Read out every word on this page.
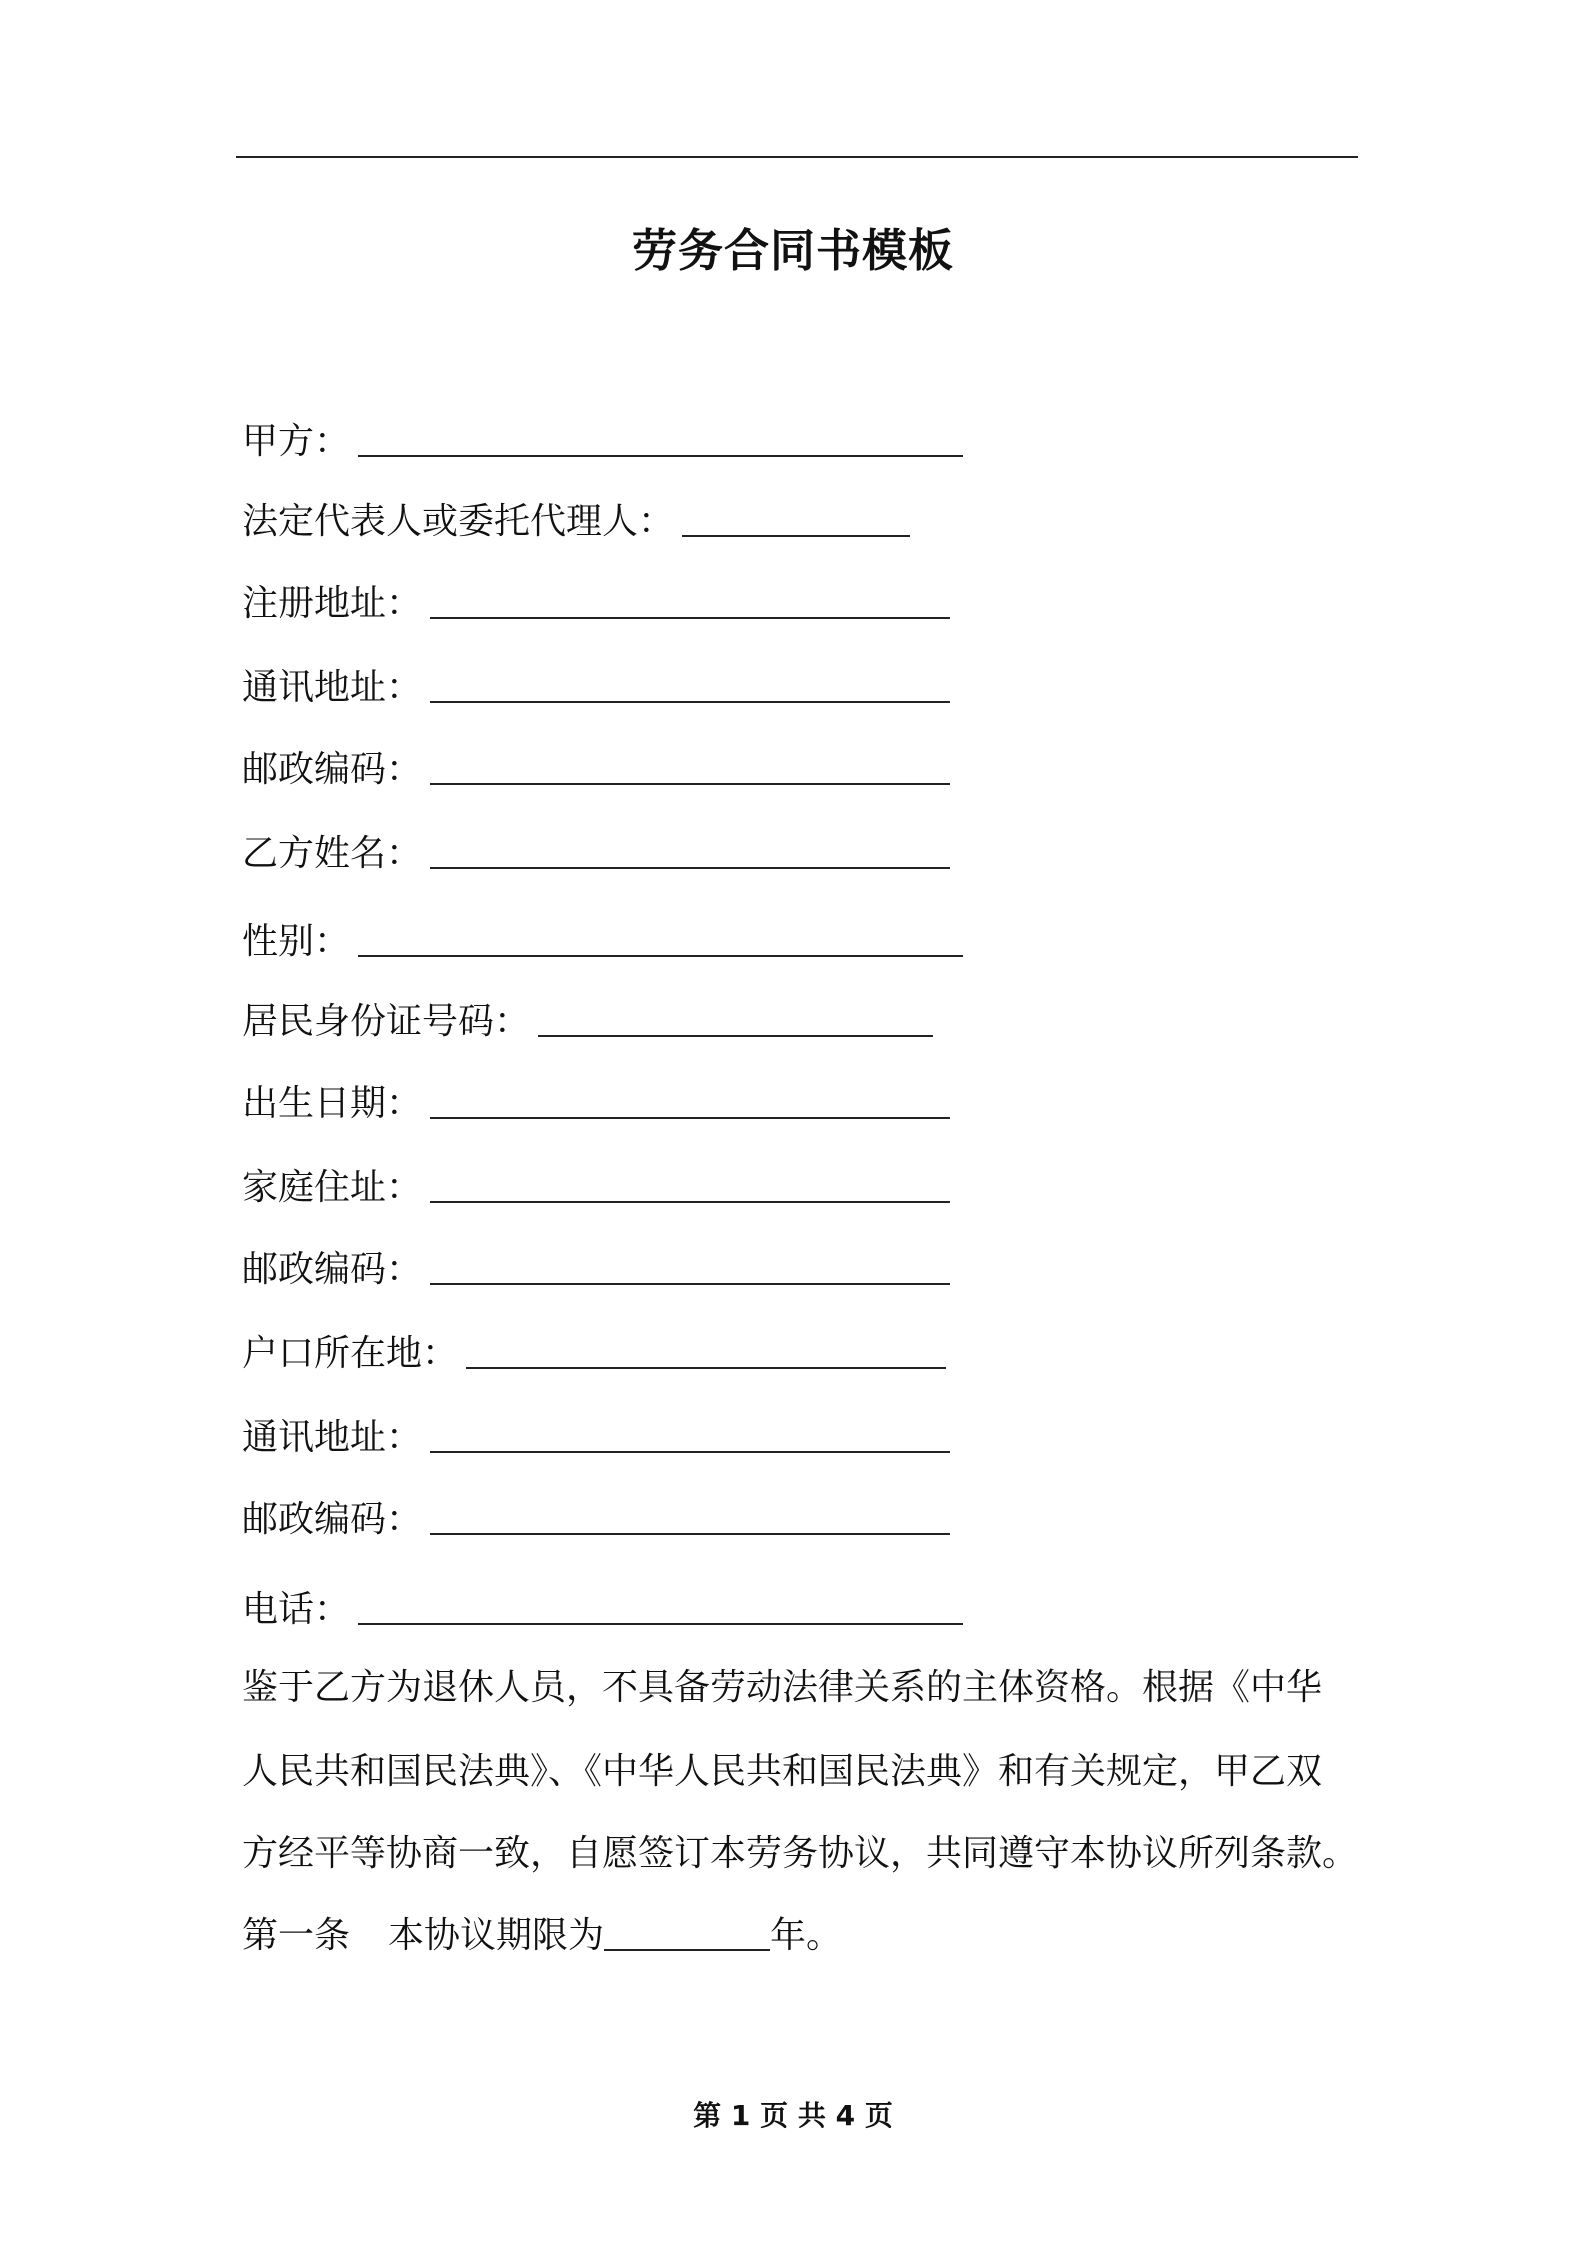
劳务合同书模板
甲方：
法定代表人或委托代理人：
注册地址：
通讯地址：
邮政编码：
乙方姓名：
性别：
居民身份证号码：
出生日期：
家庭住址：
邮政编码：
户口所在地：
通讯地址：
邮政编码：
电话：
鉴于乙方为退休人员，不具备劳动法律关系的主体资格。根据《中华
人民共和国民法典》、《中华人民共和国民法典》和有关规定，甲乙双
方经平等协商一致，自愿签订本劳务协议，共同遵守本协议所列条款。
第一条 本协议期限为	年。
第 1 页 共 4 页
